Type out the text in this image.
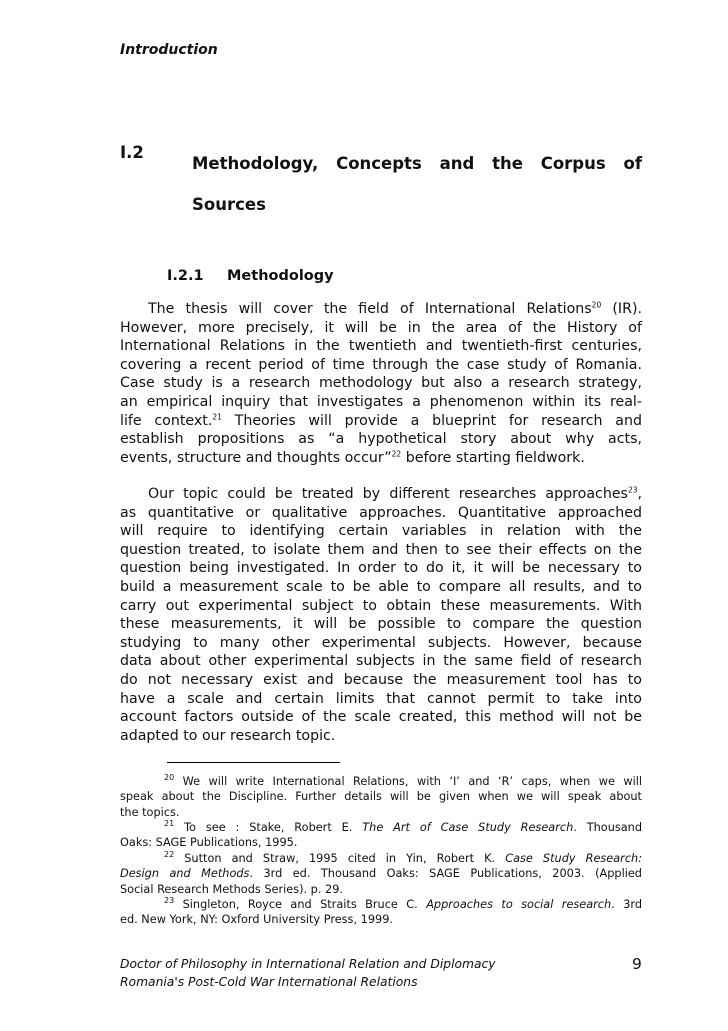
Introduction
I.2
Methodology, Concepts and the Corpus of
Sources
I.2.1 Methodology
The thesis will cover the field of International Relations$^{20}$ (IR).
However, more precisely, it will be in the area of the History of
International Relations in the twentieth and twentieth-first centuries,
covering a recent period of time through the case study of Romania.
Case study is a research methodology but also a research strategy,
an empirical inquiry that investigates a phenomenon within its real-
life context.$^{21}$ Theories will provide a blueprint for research and
establish propositions as “a hypothetical story about why acts,
events, structure and thoughts occur”$^{22}$ before starting fieldwork.
Our topic could be treated by different researches approaches$^{23}$,
as quantitative or qualitative approaches. Quantitative approached
will require to identifying certain variables in relation with the
question treated, to isolate them and then to see their effects on the
question being investigated. In order to do it, it will be necessary to
build a measurement scale to be able to compare all results, and to
carry out experimental subject to obtain these measurements. With
these measurements, it will be possible to compare the question
studying to many other experimental subjects. However, because
data about other experimental subjects in the same field of research
do not necessary exist and because the measurement tool has to
have a scale and certain limits that cannot permit to take into
account factors outside of the scale created, this method will not be
adapted to our research topic.
$^{20}$ We will write International Relations, with ‘I’ and ‘R’ caps, when we will
speak about the Discipline. Further details will be given when we will speak about
the topics.
$^{21}$ To see : Stake, Robert E. The Art of Case Study Research. Thousand
Oaks: SAGE Publications, 1995.
$^{22}$ Sutton and Straw, 1995 cited in Yin, Robert K. Case Study Research:
Design and Methods. 3rd ed. Thousand Oaks: SAGE Publications, 2003. (Applied
Social Research Methods Series). p. 29.
$^{23}$ Singleton, Royce and Straits Bruce C. Approaches to social research. 3rd
ed. New York, NY: Oxford University Press, 1999.
Doctor of Philosophy in International Relation and Diplomacy
Romania's Post-Cold War International Relations
9
